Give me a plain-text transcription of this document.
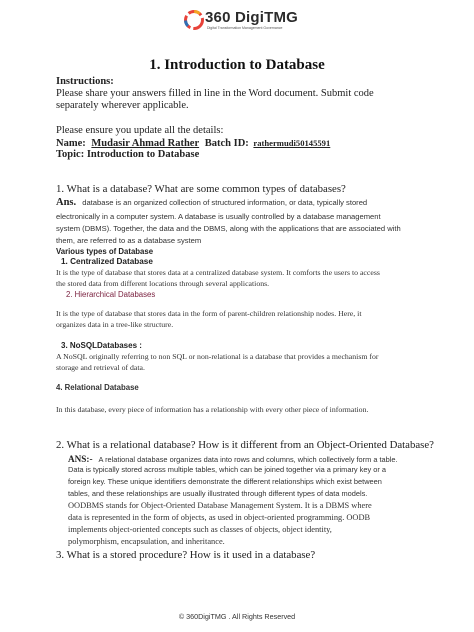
360 DigiTMG
Digital Transformation Management Governance
1. Introduction to Database
Instructions:
Please share your answers filled in line in the Word document. Submit code
separately wherever applicable.
Please ensure you update all the details:
Name: Mudasir Ahmad Rather Batch ID: rathermudi50145591
Topic: Introduction to Database
1. What is a database? What are some common types of databases?
Ans. database is an organized collection of structured information, or data, typically stored
electronically in a computer system. A database is usually controlled by a database management
system (DBMS). Together, the data and the DBMS, along with the applications that are associated with
them, are referred to as a database system
Various types of Database
1. Centralized Database
It is the type of database that stores data at a centralized database system. It comforts the users to access
the stored data from different locations through several applications.
2. Hierarchical Databases
It is the type of database that stores data in the form of parent-children relationship nodes. Here, it
organizes data in a tree-like structure.
3. NoSQLDatabases :
A NoSQL originally referring to non SQL or non-relational is a database that provides a mechanism for
storage and retrieval of data.
4. Relational Database
In this database, every piece of information has a relationship with every other piece of information.
2. What is a relational database? How is it different from an Object-Oriented Database?
ANS:- A relational database organizes data into rows and columns, which collectively form a table.
Data is typically stored across multiple tables, which can be joined together via a primary key or a
foreign key. These unique identifiers demonstrate the different relationships which exist between
tables, and these relationships are usually illustrated through different types of data models.
OODBMS stands for Object-Oriented Database Management System. It is a DBMS where
data is represented in the form of objects, as used in object-oriented programming. OODB
implements object-oriented concepts such as classes of objects, object identity,
polymorphism, encapsulation, and inheritance.
3. What is a stored procedure? How is it used in a database?
© 360DigiTMG . All Rights Reserved
